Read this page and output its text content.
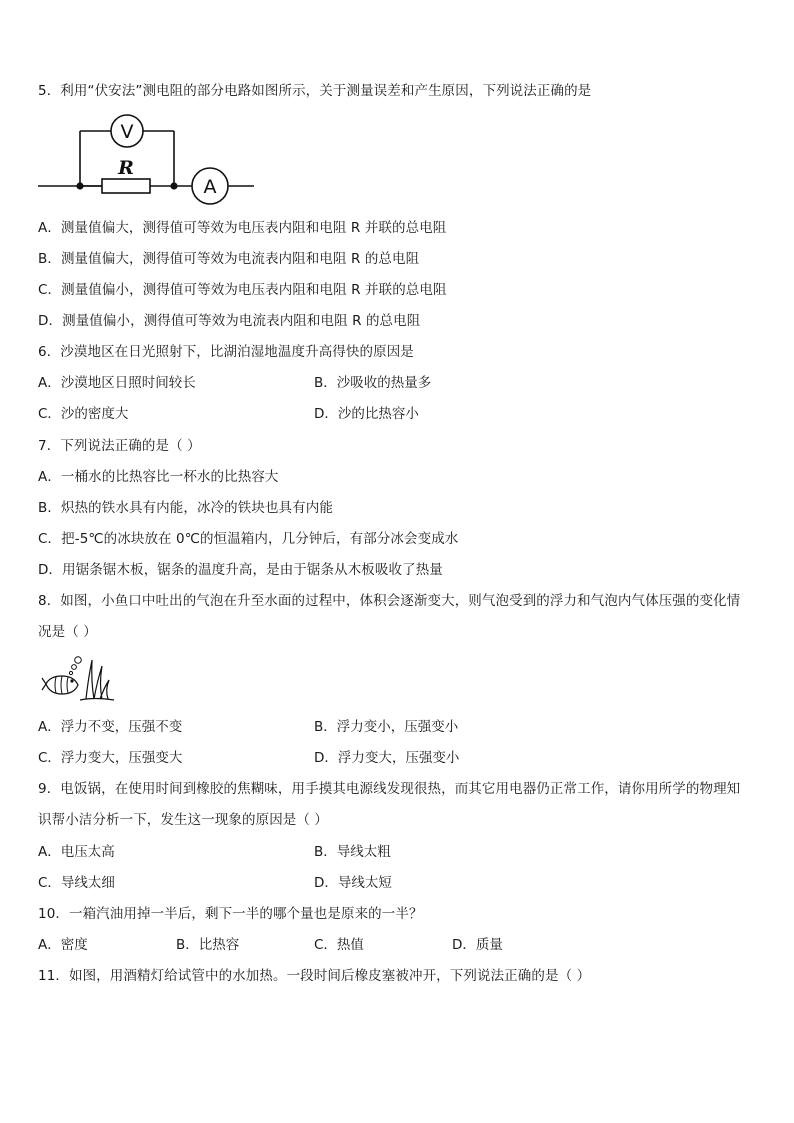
5．利用“伏安法”测电阻的部分电路如图所示，关于测量误差和产生原因，下列说法正确的是
R
V
A
A．测量值偏大，测得值可等效为电压表内阻和电阻 R 并联的总电阻
B．测量值偏大，测得值可等效为电流表内阻和电阻 R 的总电阻
C．测量值偏小，测得值可等效为电压表内阻和电阻 R 并联的总电阻
D．测量值偏小，测得值可等效为电流表内阻和电阻 R 的总电阻
6．沙漠地区在日光照射下，比湖泊湿地温度升高得快的原因是
A．沙漠地区日照时间较长	B．沙吸收的热量多
C．沙的密度大	D．沙的比热容小
7．下列说法正确的是（ ）
A．一桶水的比热容比一杯水的比热容大
B．炽热的铁水具有内能，冰冷的铁块也具有内能
C．把-5℃的冰块放在 0℃的恒温箱内，几分钟后，有部分冰会变成水
D．用锯条锯木板，锯条的温度升高，是由于锯条从木板吸收了热量
8．如图，小鱼口中吐出的气泡在升至水面的过程中，体积会逐渐变大，则气泡受到的浮力和气泡内气体压强的变化情
况是（ ）
A．浮力不变，压强不变	B．浮力变小，压强变小
C．浮力变大，压强变大	D．浮力变大，压强变小
9．电饭锅，在使用时间到橡胶的焦糊味，用手摸其电源线发现很热，而其它用电器仍正常工作，请你用所学的物理知
识帮小洁分析一下，发生这一现象的原因是（ ）
A．电压太高	B．导线太粗
C．导线太细	D．导线太短
10．一箱汽油用掉一半后，剩下一半的哪个量也是原来的一半？
A．密度	B．比热容	C．热值	D．质量
11．如图，用酒精灯给试管中的水加热。一段时间后橡皮塞被冲开，下列说法正确的是（ ）
